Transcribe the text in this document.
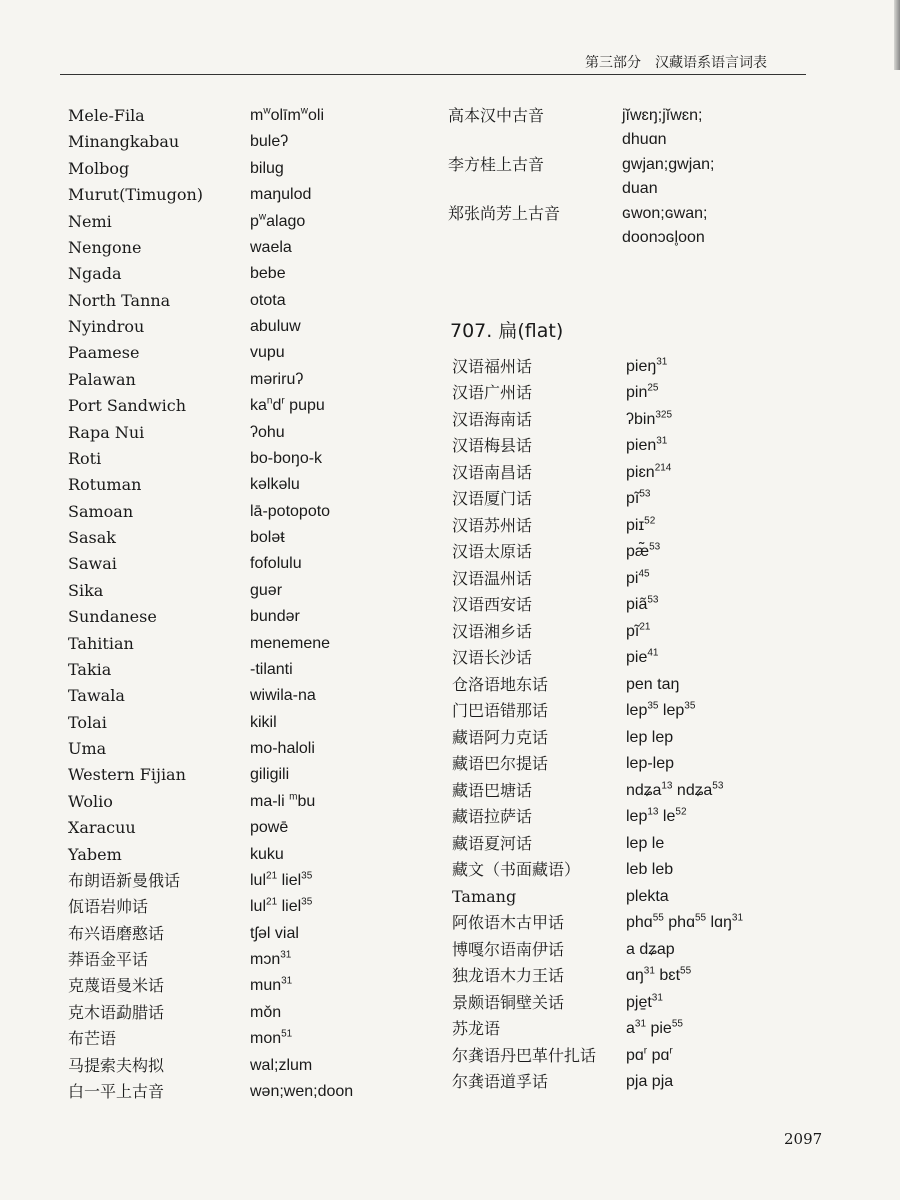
第三部分　汉藏语系语言词表
Mele-Fila	$m^wolīm^woli$
Minangkabau	buleʔ
Molbog	bilug
Murut(Timugon)	maŋulod
Nemi	$p^walago$
Nengone	waela
Ngada	bebe
North Tanna	otota
Nyindrou	abuluw
Paamese	vupu
Palawan	məriruʔ
Port Sandwich	$ka^nd^r$ pupu
Rapa Nui	ʔohu
Roti	bo-boŋo-k
Rotuman	kəlkəlu
Samoan	lā-potopoto
Sasak	boləŧ
Sawai	fofolulu
Sika	guər
Sundanese	bundər
Tahitian	menemene
Takia	-tilanti
Tawala	wiwila-na
Tolai	kikil
Uma	mo-haloli
Western Fijian	giligili
Wolio	ma-li $^m$bu
Xaracuu	powē
Yabem	kuku
布朗语新曼俄话	lul$^{21}$ liel$^{35}$
佤语岩帅话	lul$^{21}$ liel$^{35}$
布兴语磨憨话	tʃəl vial
莽语金平话	mɔn$^{31}$
克蔑语曼米话	mun$^{31}$
克木语勐腊话	mǒn
布芒语	mon$^{51}$
马提索夫构拟	wal;zlum
白一平上古音	wən;wen;doon
高本汉中古音	jĭwɛŋ;jĭwɛn;
dhuɑn
李方桂上古音	gwjan;gwjan;
duan
郑张尚芳上古音	ɢwon;ɢwan;
doonɔɢl̥oon
汉语福州话	pieŋ$^{31}$
汉语广州话	pin$^{25}$
汉语海南话	ʔbin$^{325}$
汉语梅县话	pien$^{31}$
汉语南昌话	piɛn$^{214}$
汉语厦门话	$pĩ^{53}$
汉语苏州话	piɪ$^{52}$
汉语太原话	pæ̃$^{53}$
汉语温州话	$pi^{45}$
汉语西安话	piã$^{53}$
汉语湘乡话	$pĩ^{21}$
汉语长沙话	pie$^{41}$
仓洛语地东话	pen taŋ
门巴语错那话	lep$^{35}$ lep$^{35}$
藏语阿力克话	lep lep
藏语巴尔提话	lep-lep
藏语巴塘话	ndʑa$^{13}$ ndʑa$^{53}$
藏语拉萨话	lep$^{13}$ $le^{52}$
藏语夏河话	lep le
藏文（书面藏语）	leb leb
Tamang	plekta
阿侬语木古甲话	phɑ$^{55}$ phɑ$^{55}$ lɑŋ$^{31}$
博嘎尔语南伊话	a dʑap
独龙语木力王话	ɑŋ$^{31}$ bɛt$^{55}$
景颇语铜壁关话	$pje̠t^{31}$
苏龙语	$a^{31}$ pie$^{55}$
尔龚语丹巴革什扎话 pɑ$^r$ pɑ$^r$
尔龚语道孚话	pja pja
707. 扁(flat)
2097
